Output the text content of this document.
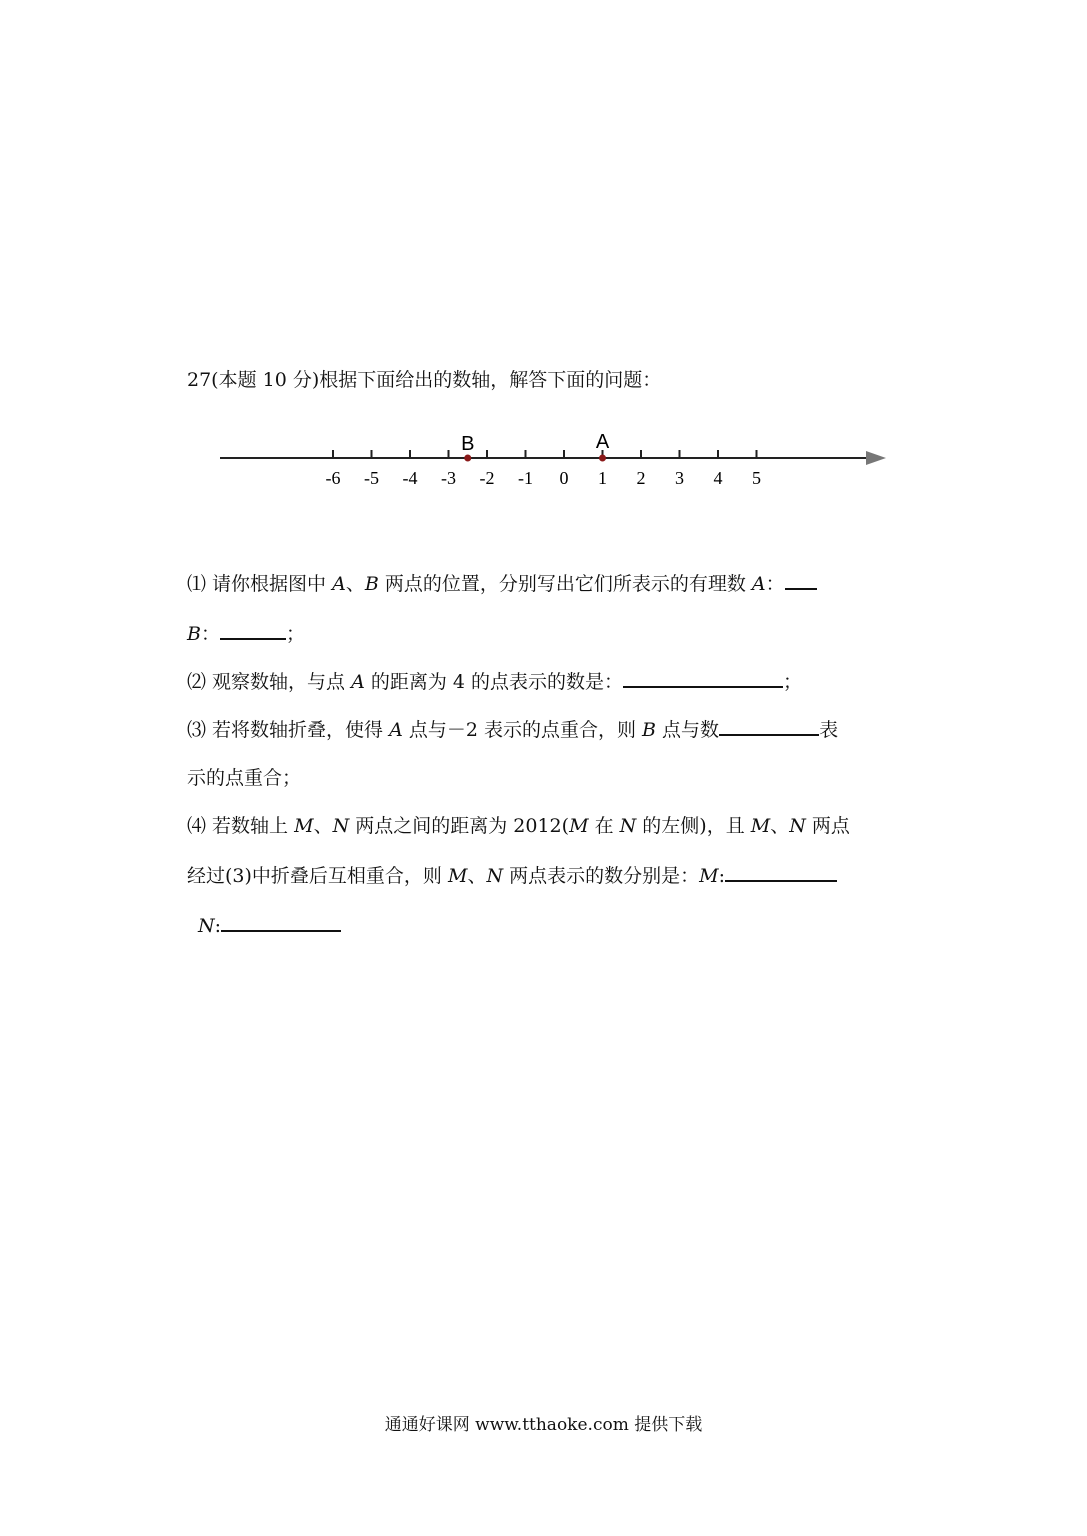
27(本题 10 分)根据下面给出的数轴，解答下面的问题：
-6 -5 -4 -3 -2 -1 0 1 2 3 4 5
A
B
⑴ 请你根据图中 A、B 两点的位置，分别写出它们所表示的有理数 A：
B：	；
⑵ 观察数轴，与点 A 的距离为 4 的点表示的数是：	；
⑶ 若将数轴折叠，使得 A 点与－2 表示的点重合，则 B 点与数	表
示的点重合；
⑷ 若数轴上 M、N 两点之间的距离为 2012(M 在 N 的左侧)，且 M、N 两点
经过(3)中折叠后互相重合，则 M、N 两点表示的数分别是：M:
N:
通通好课网 www.tthaoke.com 提供下载
